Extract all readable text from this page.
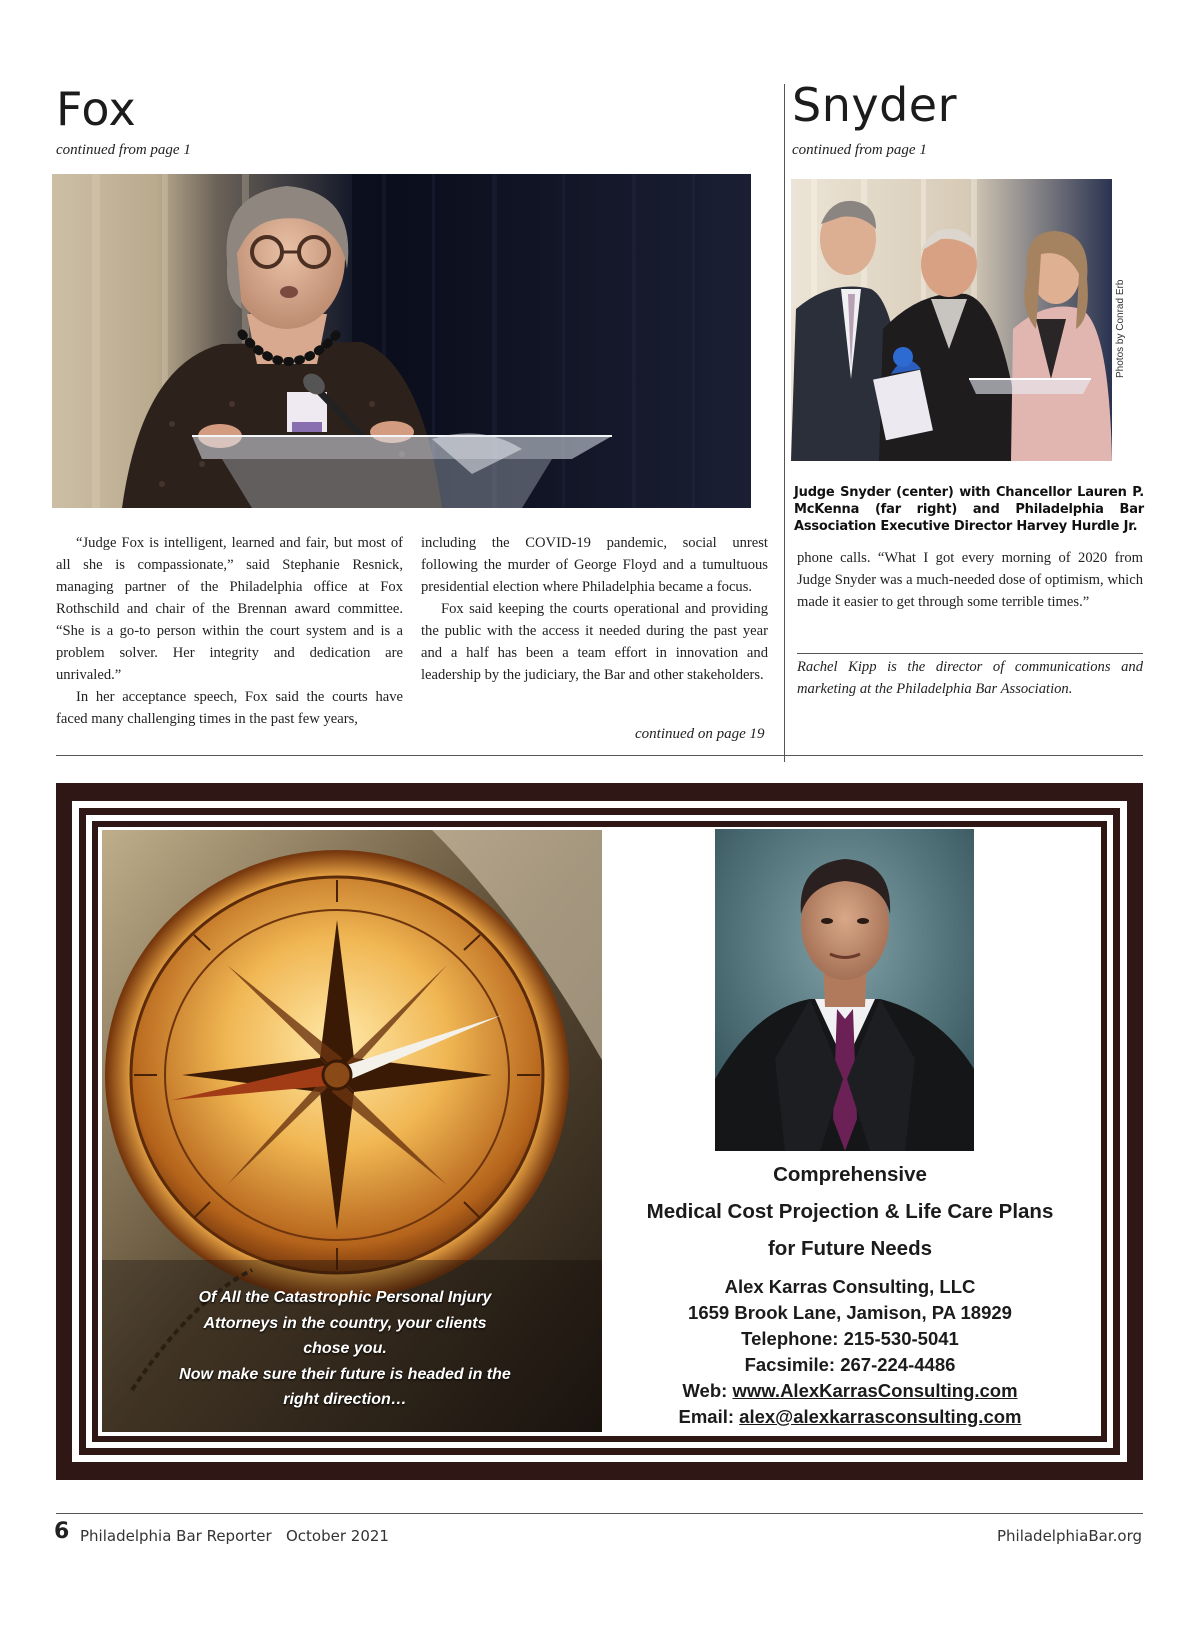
Fox
continued from page 1

“Judge Fox is intelligent, learned and fair, but most of all she is compassionate,” said Stephanie Resnick, managing partner of the Philadelphia office at Fox Rothschild and chair of the Brennan award committee. “She is a go-to person within the court system and is a problem solver. Her integrity and dedication are unrivaled.”

In her acceptance speech, Fox said the courts have faced many challenging times in the past few years,

including the COVID-19 pandemic, social unrest following the murder of George Floyd and a tumultuous presidential election where Philadelphia became a focus.

Fox said keeping the courts operational and providing the public with the access it needed during the past year and a half has been a team effort in innovation and leadership by the judiciary, the Bar and other stakeholders.

continued on page 19
Snyder
continued from page 1
Photos by Conrad Erb
Judge Snyder (center) with Chancellor Lauren P. McKenna (far right) and Philadelphia Bar Association Executive Director Harvey Hurdle Jr.

phone calls. “What I got every morning of 2020 from Judge Snyder was a much-needed dose of optimism, which made it easier to get through some terrible times.”

Rachel Kipp is the director of communications and marketing at the Philadelphia Bar Association.

Of All the Catastrophic Personal Injury
Attorneys in the country, your clients
chose you.
Now make sure their future is headed in the
right direction…
Comprehensive
Medical Cost Projection & Life Care Plans
for Future Needs
Alex Karras Consulting, LLC
1659 Brook Lane, Jamison, PA 18929
Telephone: 215-530-5041
Facsimile: 267-224-4486
Web: www.AlexKarrasConsulting.com
Email: alex@alexkarrasconsulting.com
6 Philadelphia Bar Reporter   October 2021	PhiladelphiaBar.org
